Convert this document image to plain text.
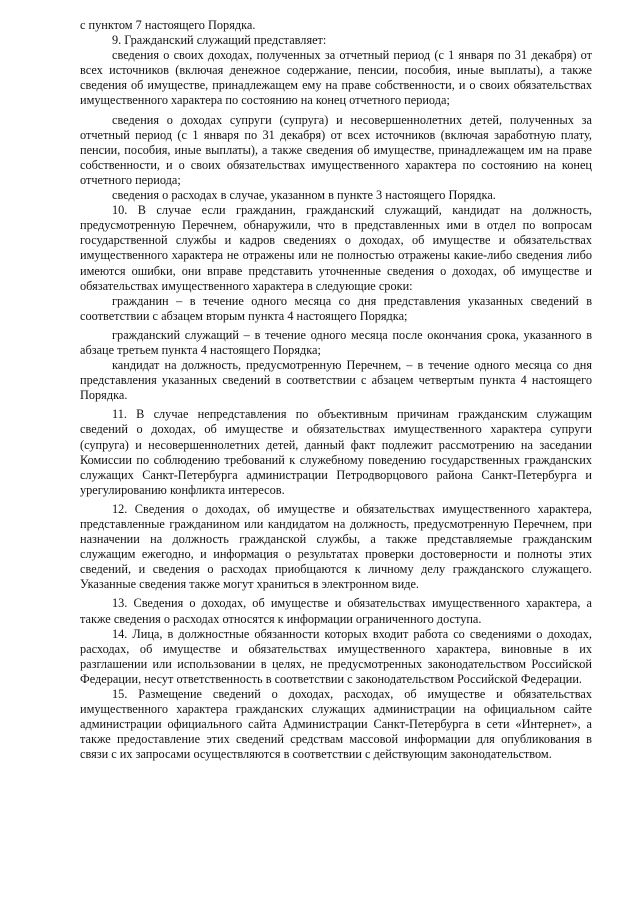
с пунктом 7 настоящего Порядка.

9. Гражданский служащий представляет:

сведения о своих доходах, полученных за отчетный период (с 1 января по 31 декабря) от всех источников (включая денежное содержание, пенсии, пособия, иные выплаты), а также сведения об имуществе, принадлежащем ему на праве собственности, и о своих обязательствах имущественного характера по состоянию на конец отчетного периода;

сведения о доходах супруги (супруга) и несовершеннолетних детей, полученных за отчетный период (с 1 января по 31 декабря) от всех источников (включая заработную плату, пенсии, пособия, иные выплаты), а также сведения об имуществе, принадлежащем им на праве собственности, и о своих обязательствах имущественного характера по состоянию на конец отчетного периода;

сведения о расходах в случае, указанном в пункте 3 настоящего Порядка.

10. В случае если гражданин, гражданский служащий, кандидат на должность, предусмотренную Перечнем, обнаружили, что в представленных ими в отдел по вопросам государственной службы и кадров сведениях о доходах, об имуществе и обязательствах имущественного характера не отражены или не полностью отражены какие-либо сведения либо имеются ошибки, они вправе представить уточненные сведения о доходах, об имуществе и обязательствах имущественного характера в следующие сроки:

гражданин – в течение одного месяца со дня представления указанных сведений в соответствии с абзацем вторым пункта 4 настоящего Порядка;

гражданский служащий – в течение одного месяца после окончания срока, указанного в абзаце третьем пункта 4 настоящего Порядка;

кандидат на должность, предусмотренную Перечнем, – в течение одного месяца со дня представления указанных сведений в соответствии с абзацем четвертым пункта 4 настоящего Порядка.

11. В случае непредставления по объективным причинам гражданским служащим сведений о доходах, об имуществе и обязательствах имущественного характера супруги (супруга) и несовершеннолетних детей, данный факт подлежит рассмотрению на заседании Комиссии по соблюдению требований к служебному поведению государственных гражданских служащих Санкт-Петербурга администрации Петродворцового района Санкт-Петербурга и урегулированию конфликта интересов.

12. Сведения о доходах, об имуществе и обязательствах имущественного характера, представленные гражданином или кандидатом на должность, предусмотренную Перечнем, при назначении на должность гражданской службы, а также представляемые гражданским служащим ежегодно, и информация о результатах проверки достоверности и полноты этих сведений, и сведения о расходах приобщаются к личному делу гражданского служащего. Указанные сведения также могут храниться в электронном виде.

13. Сведения о доходах, об имуществе и обязательствах имущественного характера, а также сведения о расходах относятся к информации ограниченного доступа.

14. Лица, в должностные обязанности которых входит работа со сведениями о доходах, расходах, об имуществе и обязательствах имущественного характера, виновные в их разглашении или использовании в целях, не предусмотренных законодательством Российской Федерации, несут ответственность в соответствии с законодательством Российской Федерации.

15. Размещение сведений о доходах, расходах, об имуществе и обязательствах имущественного характера гражданских служащих администрации на официальном сайте администрации официального сайта Администрации Санкт-Петербурга в сети «Интернет», а также предоставление этих сведений средствам массовой информации для опубликования в связи с их запросами осуществляются в соответствии с действующим законодательством.
